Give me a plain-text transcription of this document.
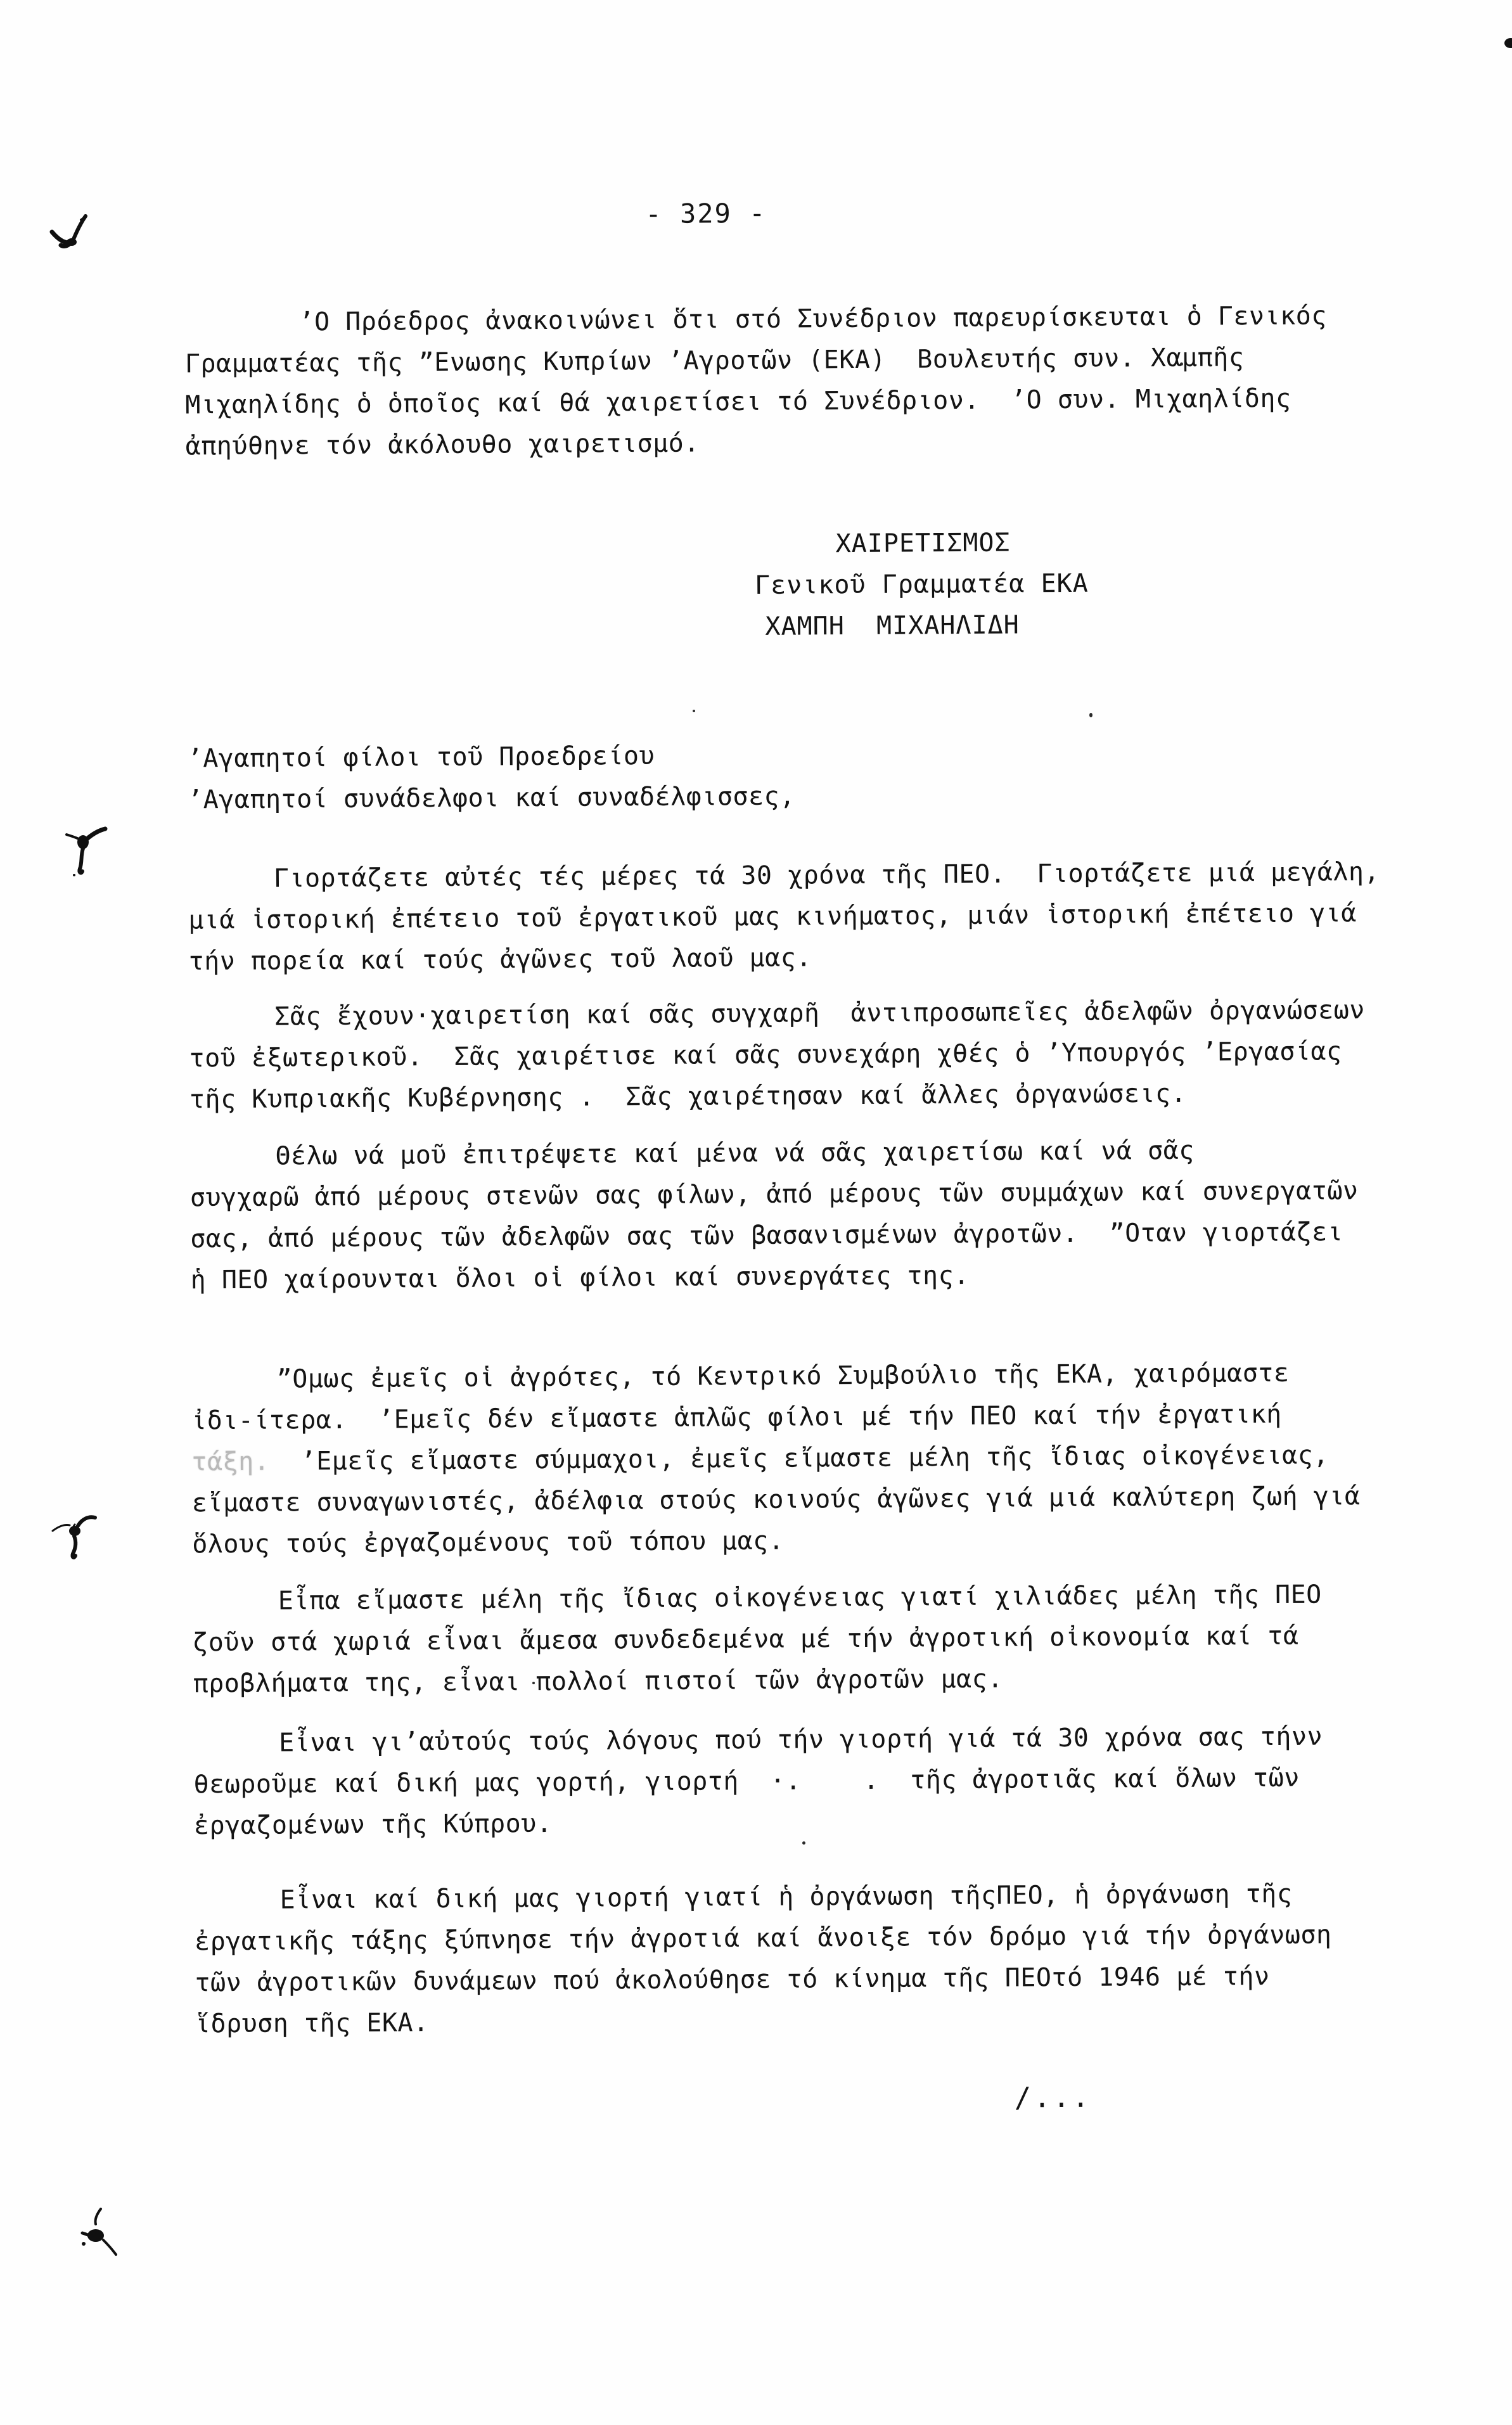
- 329 -
’Ο Πρόεδρος ἀνακοινώνει ὅτι στό Συνέδριον παρευρίσκευται ὁ Γενικός
Γραμματέας τῆς ”Ενωσης Κυπρίων ’Αγροτῶν (ΕΚΑ)  Βουλευτής συν. Χαμπῆς
Μιχαηλίδης ὁ ὁποῖος καί θά χαιρετίσει τό Συνέδριον.  ’Ο συν. Μιχαηλίδης
ἀπηύθηνε τόν ἀκόλουθο χαιρετισμό.
ΧΑΙΡΕΤΙΣΜΟΣ
Γενικοῦ Γραμματέα ΕΚΑ
ΧΑΜΠΗ  ΜΙΧΑΗΛΙΔΗ
’Αγαπητοί φίλοι τοῦ Προεδρείου
’Αγαπητοί συνάδελφοι καί συναδέλφισσες,
Γιορτάζετε αὐτές τές μέρες τά 30 χρόνα τῆς ΠΕΟ.  Γιορτάζετε μιά μεγάλη,
μιά ἱστορική ἐπέτειο τοῦ ἐργατικοῦ μας κινήματος, μιάν ἱστορική ἐπέτειο γιά
τήν πορεία καί τούς ἀγῶνες τοῦ λαοῦ μας.
Σᾶς ἔχουν·χαιρετίση καί σᾶς συγχαρῆ  ἀντιπροσωπεῖες ἀδελφῶν ὀργανώσεων
τοῦ ἐξωτερικοῦ.  Σᾶς χαιρέτισε καί σᾶς συνεχάρη χθές ὁ ’Υπουργός ’Εργασίας
τῆς Κυπριακῆς Κυβέρνησης .  Σᾶς χαιρέτησαν καί ἄλλες ὀργανώσεις.
Θέλω νά μοῦ ἐπιτρέψετε καί μένα νά σᾶς χαιρετίσω καί νά σᾶς
συγχαρῶ ἀπό μέρους στενῶν σας φίλων, ἀπό μέρους τῶν συμμάχων καί συνεργατῶν
σας, ἀπό μέρους τῶν ἀδελφῶν σας τῶν βασανισμένων ἀγροτῶν.  ”Οταν γιορτάζει
ἡ ΠΕΟ χαίρουνται ὅλοι οἱ φίλοι καί συνεργάτες της.
”Ομως ἐμεῖς οἱ ἀγρότες, τό Κεντρικό Συμβούλιο τῆς ΕΚΑ, χαιρόμαστε
ἰδι-ίτερα.  ’Εμεῖς δέν εἴμαστε ἁπλῶς φίλοι μέ τήν ΠΕΟ καί τήν ἐργατική
τάξη.  ’Εμεῖς εἴμαστε σύμμαχοι, ἐμεῖς εἴμαστε μέλη τῆς ἴδιας οἰκογένειας,
εἴμαστε συναγωνιστές, ἀδέλφια στούς κοινούς ἀγῶνες γιά μιά καλύτερη ζωή γιά
ὅλους τούς ἐργαζομένους τοῦ τόπου μας.
Εἶπα εἴμαστε μέλη τῆς ἴδιας οἰκογένειας γιατί χιλιάδες μέλη τῆς ΠΕΟ
ζοῦν στά χωριά εἶναι ἄμεσα συνδεδεμένα μέ τήν ἀγροτική οἰκονομία καί τά
προβλήματα της, εἶναι πολλοί πιστοί τῶν ἀγροτῶν μας.
Εἶναι γι’αὐτούς τούς λόγους πού τήν γιορτή γιά τά 30 χρόνα σας τήνν
θεωροῦμε καί δική μας γορτή, γιορτή  ·.    .  τῆς ἀγροτιᾶς καί ὅλων τῶν
ἐργαζομένων τῆς Κύπρου.
Εἶναι καί δική μας γιορτή γιατί ἡ ὀργάνωση τῆςΠΕΟ, ἡ ὀργάνωση τῆς
ἐργατικῆς τάξης ξύπνησε τήν ἀγροτιά καί ἄνοιξε τόν δρόμο γιά τήν ὀργάνωση
τῶν ἀγροτικῶν δυνάμεων πού ἀκολούθησε τό κίνημα τῆς ΠΕΟτό 1946 μέ τήν
ἵδρυση τῆς ΕΚΑ.
/...
